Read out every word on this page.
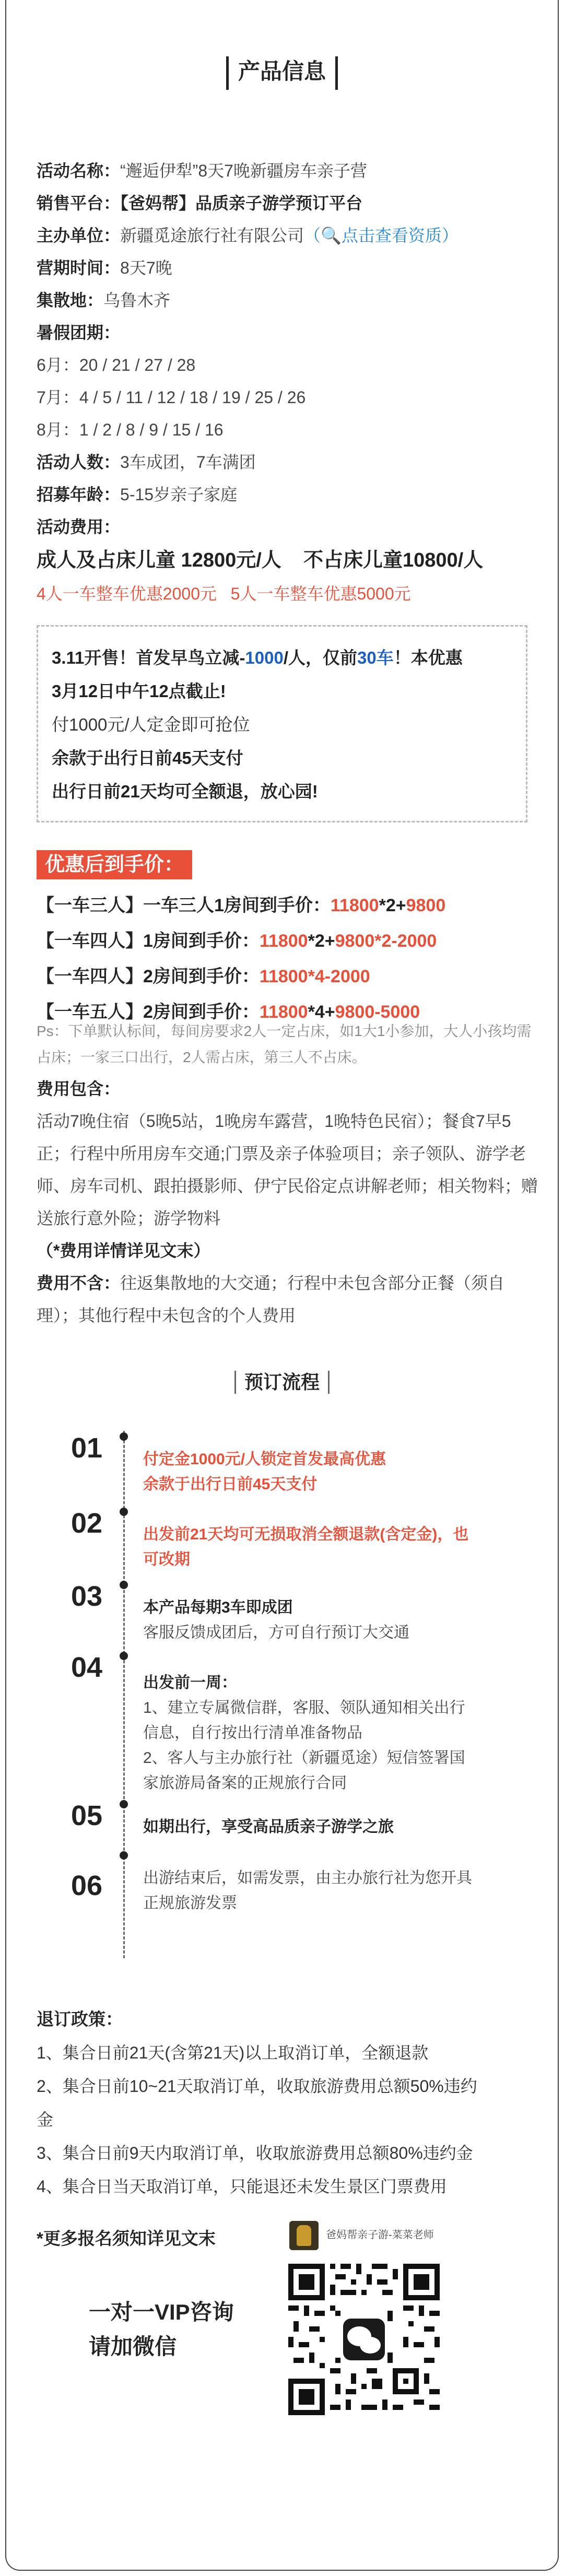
产品信息
活动名称：“邂逅伊犁”8天7晚新疆房车亲子营
销售平台：【爸妈帮】品质亲子游学预订平台
主办单位：新疆觅途旅行社有限公司（🔍点击查看资质）
营期时间：8天7晚
集散地：乌鲁木齐
暑假团期：
6月：20 / 21 / 27 / 28
7月：4 / 5 / 11 / 12 / 18 / 19 / 25 / 26
8月：1 / 2 / 8 / 9 / 15 / 16
活动人数：3车成团，7车满团
招募年龄：5-15岁亲子家庭
活动费用：
成人及占床儿童 12800元/人    不占床儿童10800/人
4人一车整车优惠2000元   5人一车整车优惠5000元
3.11开售！首发早鸟立减-1000/人，仅前30车！本优惠
3月12日中午12点截止!
付1000元/人定金即可抢位
余款于出行日前45天支付
出行日前21天均可全额退，放心园!
优惠后到手价：
【一车三人】一车三人1房间到手价：11800*2+9800
【一车四人】1房间到手价：11800*2+9800*2-2000
【一车四人】2房间到手价：11800*4-2000
【一车五人】2房间到手价：11800*4+9800-5000
Ps：下单默认标间，每间房要求2人一定占床，如1大1小参加，大人小孩均需占床；一家三口出行，2人需占床，第三人不占床。
费用包含：
活动7晚住宿（5晚5站，1晚房车露营，1晚特色民宿）；餐食7早5正；行程中所用房车交通;门票及亲子体验项目；亲子领队、游学老师、房车司机、跟拍摄影师、伊宁民俗定点讲解老师；相关物料；赠送旅行意外险；游学物料
（*费用详情详见文末）
费用不含：往返集散地的大交通；行程中未包含部分正餐（须自理）；其他行程中未包含的个人费用
预订流程
01	付定金1000元/人锁定首发最高优惠
余款于出行日前45天支付
02	出发前21天均可无损取消全额退款(含定金)，也
可改期
03	本产品每期3车即成团
客服反馈成团后，方可自行预订大交通
04	出发前一周：
1、建立专属微信群，客服、领队通知相关出行
信息，自行按出行清单准备物品
2、客人与主办旅行社（新疆觅途）短信签署国
家旅游局备案的正规旅行合同
05	如期出行，享受高品质亲子游学之旅
06	出游结束后，如需发票，由主办旅行社为您开具
正规旅游发票
退订政策：
1、集合日前21天(含第21天)以上取消订单，全额退款
2、集合日前10~21天取消订单，收取旅游费用总额50%违约
金
3、集合日前9天内取消订单，收取旅游费用总额80%违约金
4、集合日当天取消订单，只能退还未发生景区门票费用
*更多报名须知详见文末
一对一VIP咨询
请加微信
爸妈帮亲子游-菜菜老师
